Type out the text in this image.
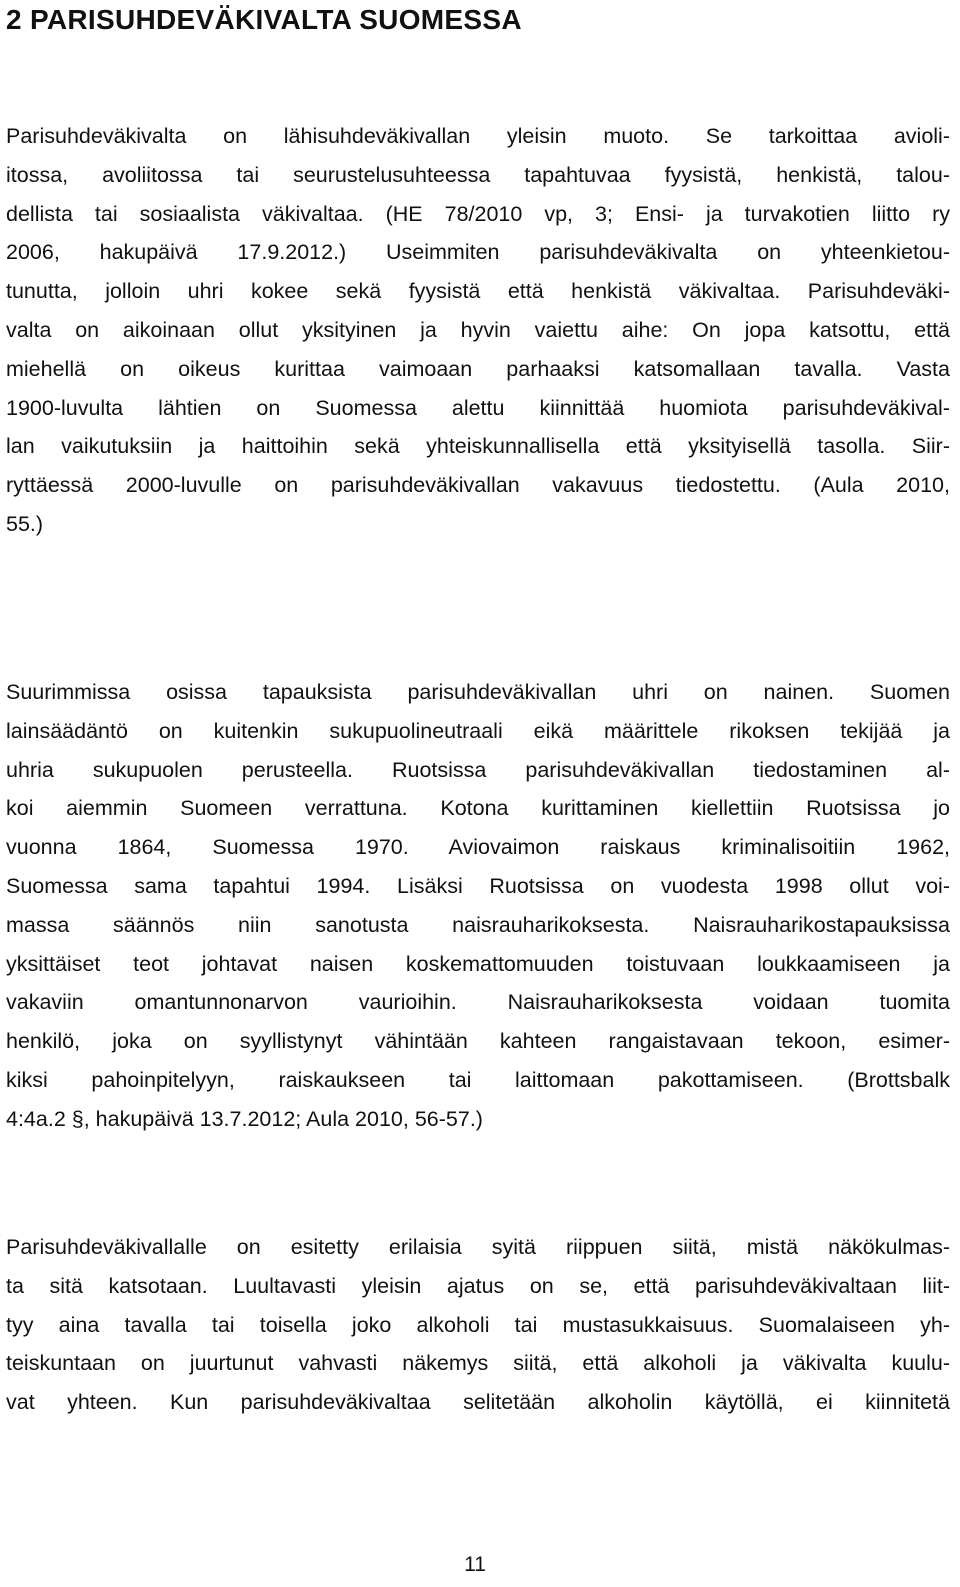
2 PARISUHDEVÄKIVALTA SUOMESSA
Parisuhdeväkivalta on lähisuhdeväkivallan yleisin muoto. Se tarkoittaa avioli-
itossa, avoliitossa tai seurustelusuhteessa tapahtuvaa fyysistä, henkistä, talou-
dellista tai sosiaalista väkivaltaa. (HE 78/2010 vp, 3; Ensi- ja turvakotien liitto ry
2006, hakupäivä 17.9.2012.) Useimmiten parisuhdeväkivalta on yhteenkietou-
tunutta, jolloin uhri kokee sekä fyysistä että henkistä väkivaltaa. Parisuhdeväki-
valta on aikoinaan ollut yksityinen ja hyvin vaiettu aihe: On jopa katsottu, että
miehellä on oikeus kurittaa vaimoaan parhaaksi katsomallaan tavalla. Vasta
1900-luvulta lähtien on Suomessa alettu kiinnittää huomiota parisuhdeväkival-
lan vaikutuksiin ja haittoihin sekä yhteiskunnallisella että yksityisellä tasolla. Siir-
ryttäessä 2000-luvulle on parisuhdeväkivallan vakavuus tiedostettu. (Aula 2010,
55.)
Suurimmissa osissa tapauksista parisuhdeväkivallan uhri on nainen. Suomen
lainsäädäntö on kuitenkin sukupuolineutraali eikä määrittele rikoksen tekijää ja
uhria sukupuolen perusteella. Ruotsissa parisuhdeväkivallan tiedostaminen al-
koi aiemmin Suomeen verrattuna. Kotona kurittaminen kiellettiin Ruotsissa jo
vuonna 1864, Suomessa 1970. Aviovaimon raiskaus kriminalisoitiin 1962,
Suomessa sama tapahtui 1994. Lisäksi Ruotsissa on vuodesta 1998 ollut voi-
massa säännös niin sanotusta naisrauharikoksesta. Naisrauharikostapauksissa
yksittäiset teot johtavat naisen koskemattomuuden toistuvaan loukkaamiseen ja
vakaviin omantunnonarvon vaurioihin. Naisrauharikoksesta voidaan tuomita
henkilö, joka on syyllistynyt vähintään kahteen rangaistavaan tekoon, esimer-
kiksi pahoinpitelyyn, raiskaukseen tai laittomaan pakottamiseen. (Brottsbalk
4:4a.2 §, hakupäivä 13.7.2012; Aula 2010, 56-57.)
Parisuhdeväkivallalle on esitetty erilaisia syitä riippuen siitä, mistä näkökulmas-
ta sitä katsotaan. Luultavasti yleisin ajatus on se, että parisuhdeväkivaltaan liit-
tyy aina tavalla tai toisella joko alkoholi tai mustasukkaisuus. Suomalaiseen yh-
teiskuntaan on juurtunut vahvasti näkemys siitä, että alkoholi ja väkivalta kuulu-
vat yhteen. Kun parisuhdeväkivaltaa selitetään alkoholin käytöllä, ei kiinnitetä
11
